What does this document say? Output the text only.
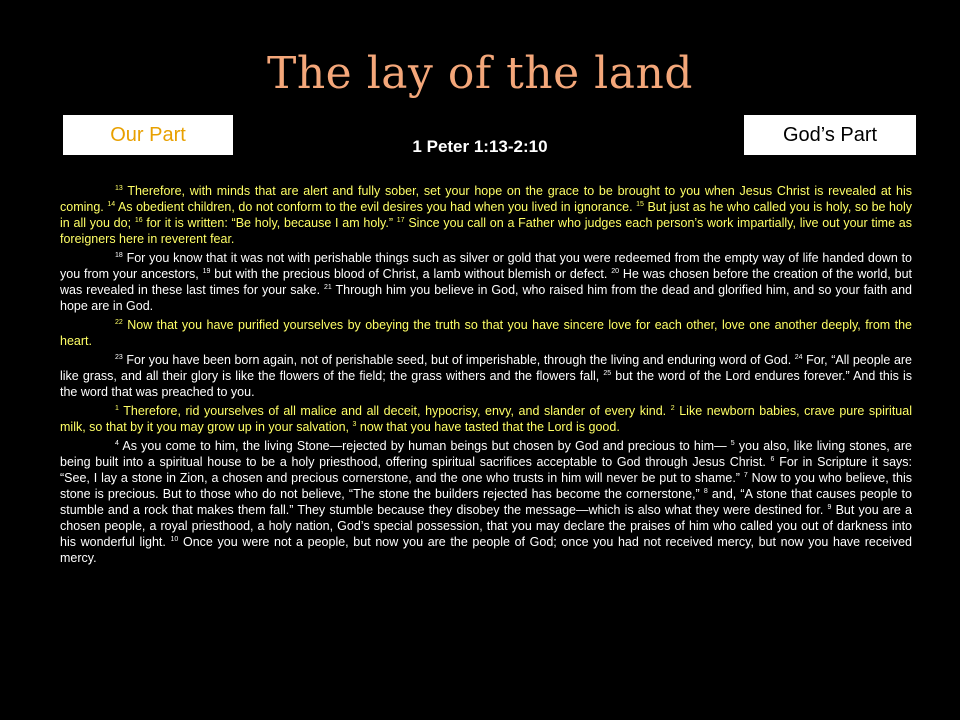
The lay of the land
Our Part	God’s Part
1 Peter 1:13-2:10

$^{13}$ Therefore, with minds that are alert and fully sober, set your hope on the grace to be brought to you when Jesus Christ is revealed at his coming. $^{14}$ As obedient children, do not conform to the evil desires you had when you lived in ignorance. $^{15}$ But just as he who called you is holy, so be holy in all you do; $^{16}$ for it is written: “Be holy, because I am holy.” $^{17}$ Since you call on a Father who judges each person’s work impartially, live out your time as foreigners here in reverent fear.

$^{18}$ For you know that it was not with perishable things such as silver or gold that you were redeemed from the empty way of life handed down to you from your ancestors, $^{19}$ but with the precious blood of Christ, a lamb without blemish or defect. $^{20}$ He was chosen before the creation of the world, but was revealed in these last times for your sake. $^{21}$ Through him you believe in God, who raised him from the dead and glorified him, and so your faith and hope are in God.

$^{22}$ Now that you have purified yourselves by obeying the truth so that you have sincere love for each other, love one another deeply, from the heart.

$^{23}$ For you have been born again, not of perishable seed, but of imperishable, through the living and enduring word of God. $^{24}$ For, “All people are like grass, and all their glory is like the flowers of the field; the grass withers and the flowers fall, $^{25}$ but the word of the Lord endures forever.” And this is the word that was preached to you.

$^1$ Therefore, rid yourselves of all malice and all deceit, hypocrisy, envy, and slander of every kind. $^2$ Like newborn babies, crave pure spiritual milk, so that by it you may grow up in your salvation, $^3$ now that you have tasted that the Lord is good.

$^4$ As you come to him, the living Stone—rejected by human beings but chosen by God and precious to him— $^5$ you also, like living stones, are being built into a spiritual house to be a holy priesthood, offering spiritual sacrifices acceptable to God through Jesus Christ. $^6$ For in Scripture it says: “See, I lay a stone in Zion, a chosen and precious cornerstone, and the one who trusts in him will never be put to shame.” $^7$ Now to you who believe, this stone is precious. But to those who do not believe, “The stone the builders rejected has become the cornerstone,” $^8$ and, “A stone that causes people to stumble and a rock that makes them fall.” They stumble because they disobey the message—which is also what they were destined for. $^9$ But you are a chosen people, a royal priesthood, a holy nation, God’s special possession, that you may declare the praises of him who called you out of darkness into his wonderful light. $^{10}$ Once you were not a people, but now you are the people of God; once you had not received mercy, but now you have received mercy.
